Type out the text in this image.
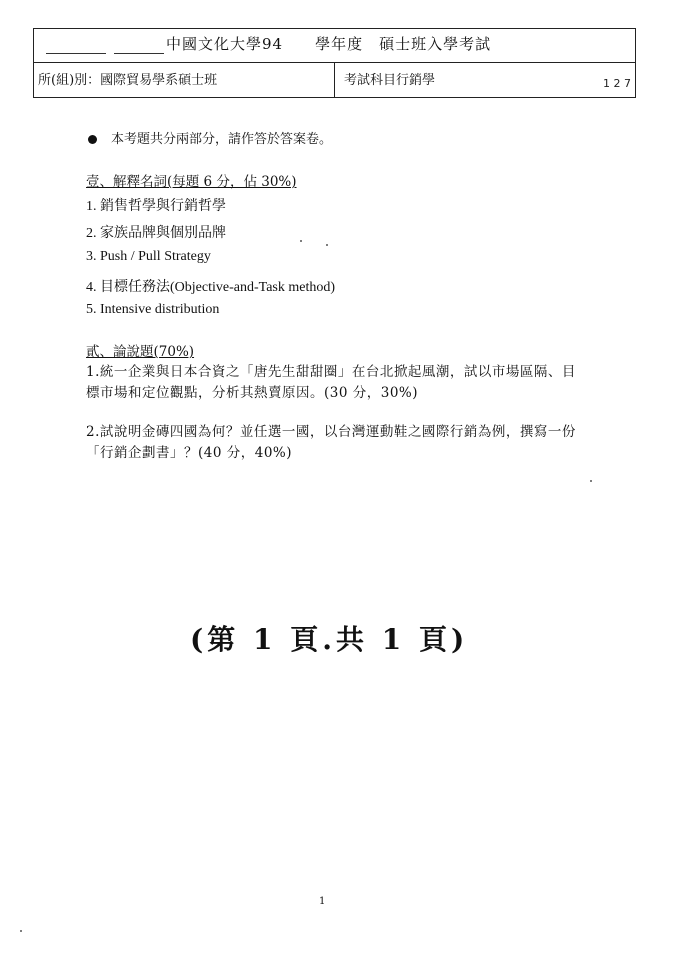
中國文化大學94　　學年度　碩士班入學考試
所(組)別：國際貿易學系碩士班	考試科目行銷學	1 2 7
本考題共分兩部分，請作答於答案卷。
壹、解釋名詞(每題 6 分，佔 30%)
1. 銷售哲學與行銷哲學
2. 家族品牌與個別品牌
3. Push / Pull Strategy
4. 目標任務法(Objective-and-Task method)
5. Intensive distribution
貳、論說題(70%)
1.統一企業與日本合資之「唐先生甜甜圈」在台北掀起風潮，試以市場區隔、目標市場和定位觀點，分析其熱賣原因。(30 分，30%)
2.試說明金磚四國為何？並任選一國，以台灣運動鞋之國際行銷為例，撰寫一份「行銷企劃書」？(40 分，40%)
(第 1 頁.共 1 頁)
1
